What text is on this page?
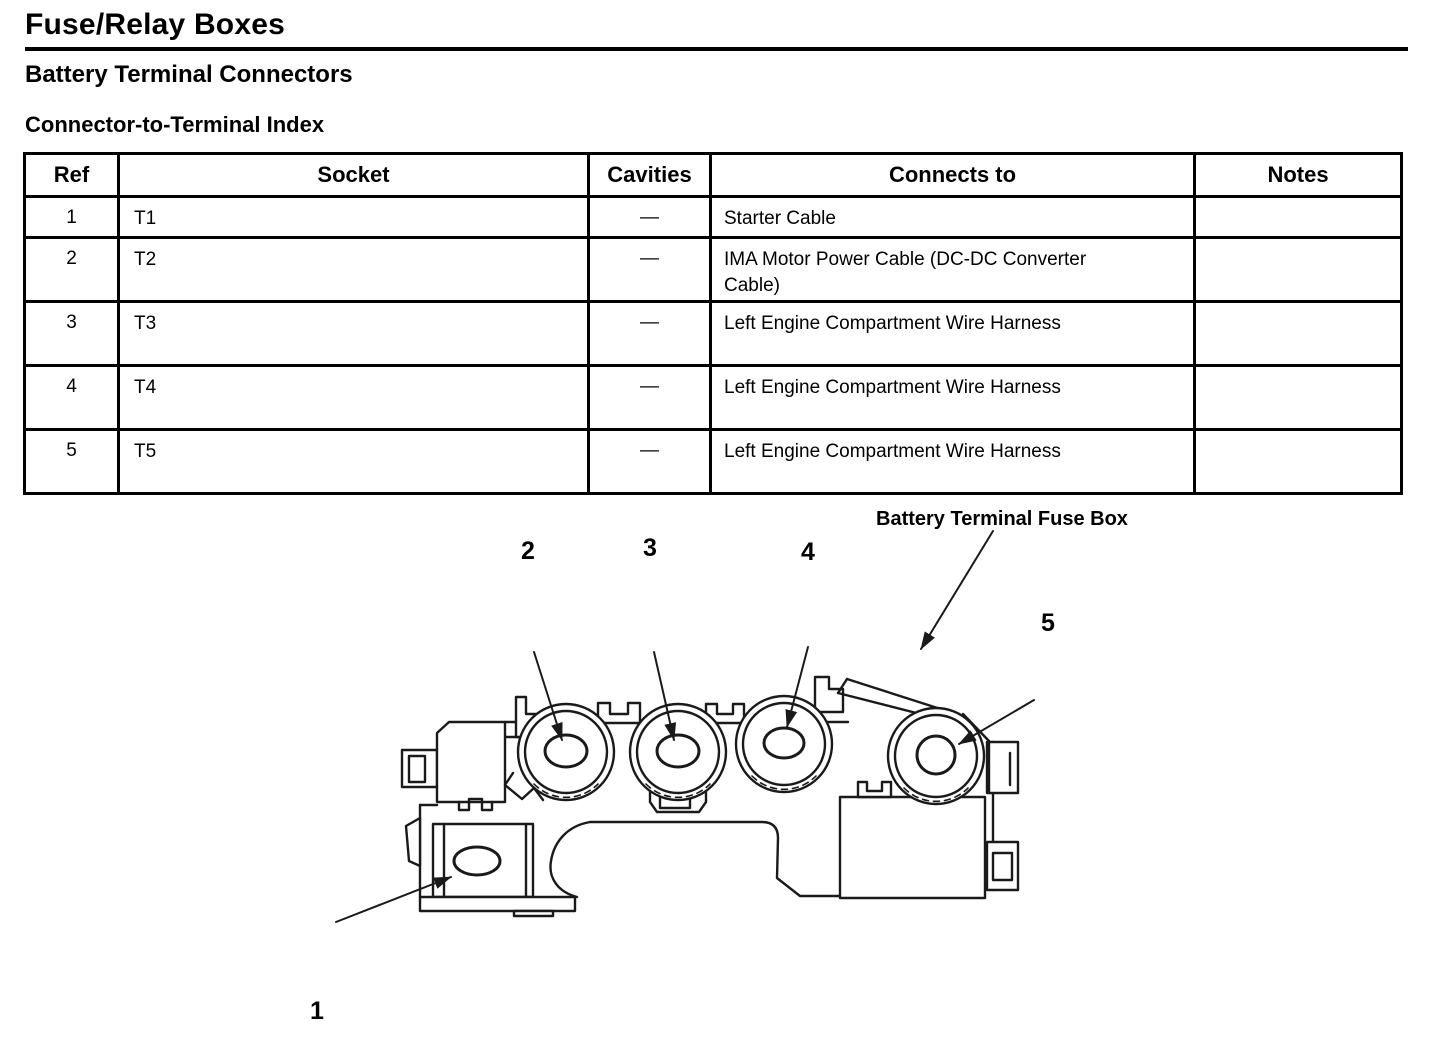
Fuse/Relay Boxes
Battery Terminal Connectors
Connector-to-Terminal Index
Ref	Socket	Cavities	Connects to	Notes
1	T1	—	Starter Cable	
2	T2	—	IMA Motor Power Cable (DC-DC Converter Cable)	
3	T3	—	Left Engine Compartment Wire Harness	
4	T4	—	Left Engine Compartment Wire Harness	
5	T5	—	Left Engine Compartment Wire Harness	
Battery Terminal Fuse Box
1
2	3	4
5
